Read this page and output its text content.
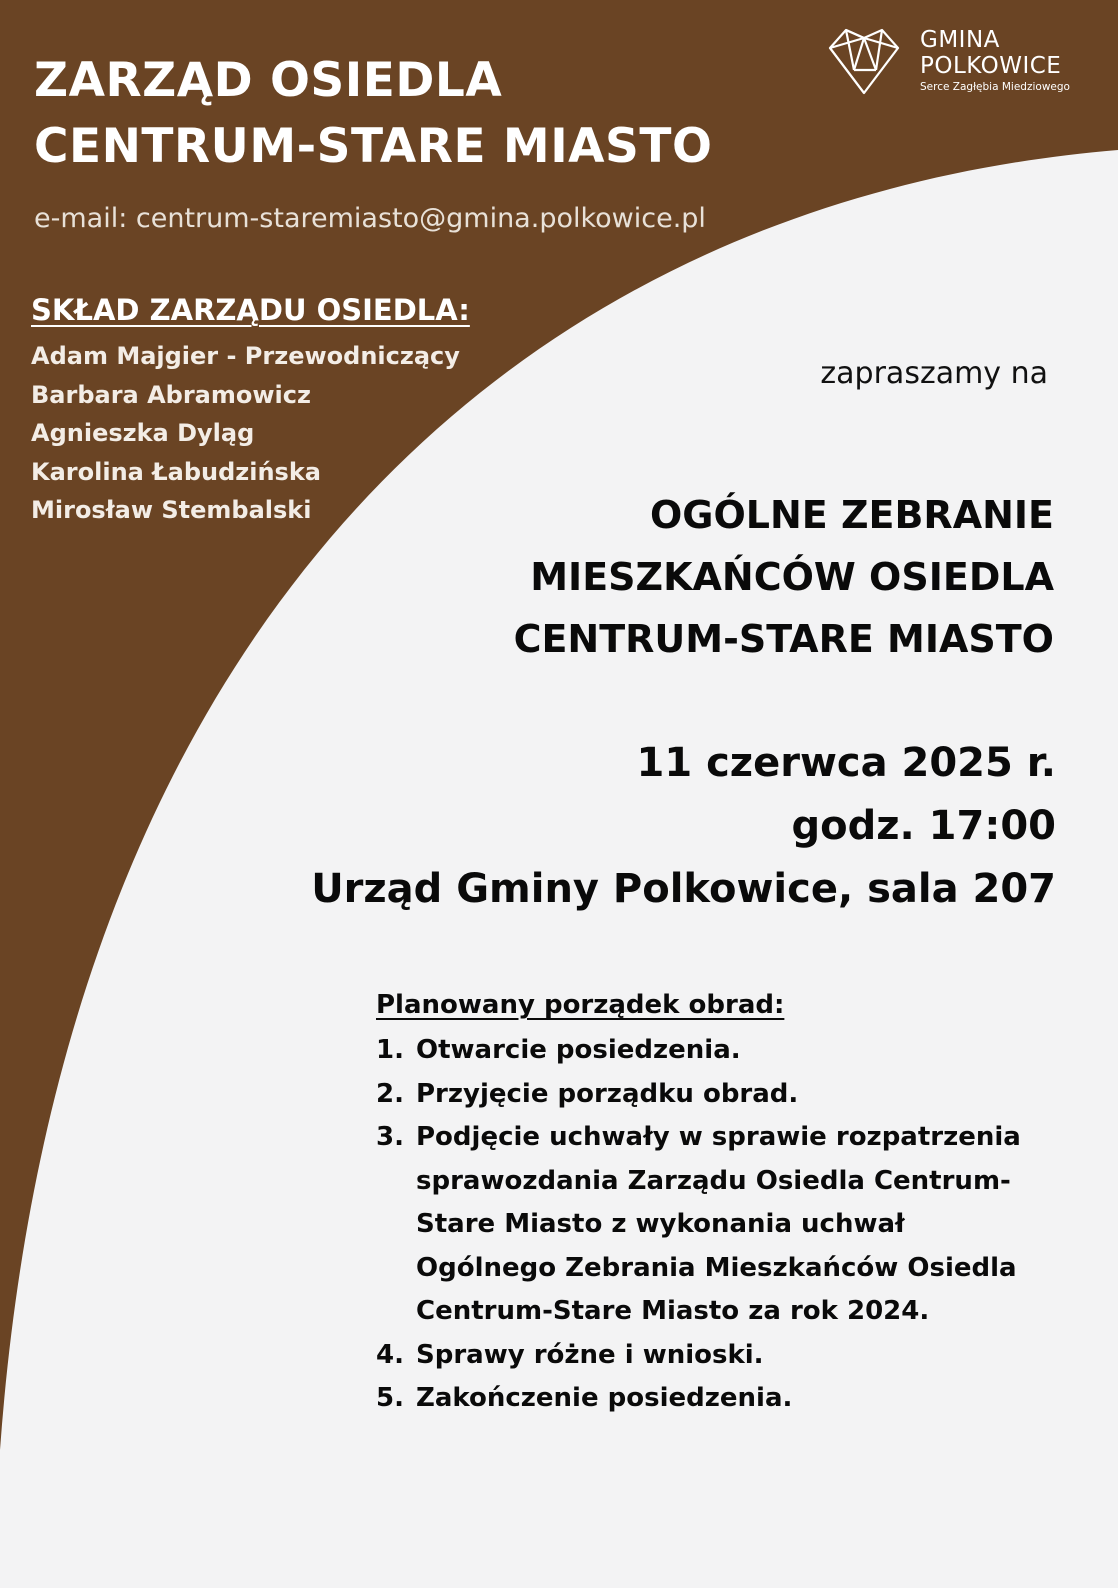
ZARZĄD OSIEDLA
CENTRUM-STARE MIASTO
e-mail: centrum-staremiasto@gmina.polkowice.pl
SKŁAD ZARZĄDU OSIEDLA:
Adam Majgier - Przewodniczący
Barbara Abramowicz
Agnieszka Dyląg
Karolina Łabudzińska
Mirosław Stembalski
GMINA
POLKOWICE
Serce Zagłębia Miedziowego
zapraszamy na
OGÓLNE ZEBRANIE
MIESZKAŃCÓW OSIEDLA
CENTRUM-STARE MIASTO
11 czerwca 2025 r.
godz. 17:00
Urząd Gminy Polkowice, sala 207
Planowany porządek obrad:
1. Otwarcie posiedzenia.
2. Przyjęcie porządku obrad.
3. Podjęcie uchwały w sprawie rozpatrzenia
sprawozdania Zarządu Osiedla Centrum-
Stare Miasto z wykonania uchwał
Ogólnego Zebrania Mieszkańców Osiedla
Centrum-Stare Miasto za rok 2024.
4. Sprawy różne i wnioski.
5. Zakończenie posiedzenia.
